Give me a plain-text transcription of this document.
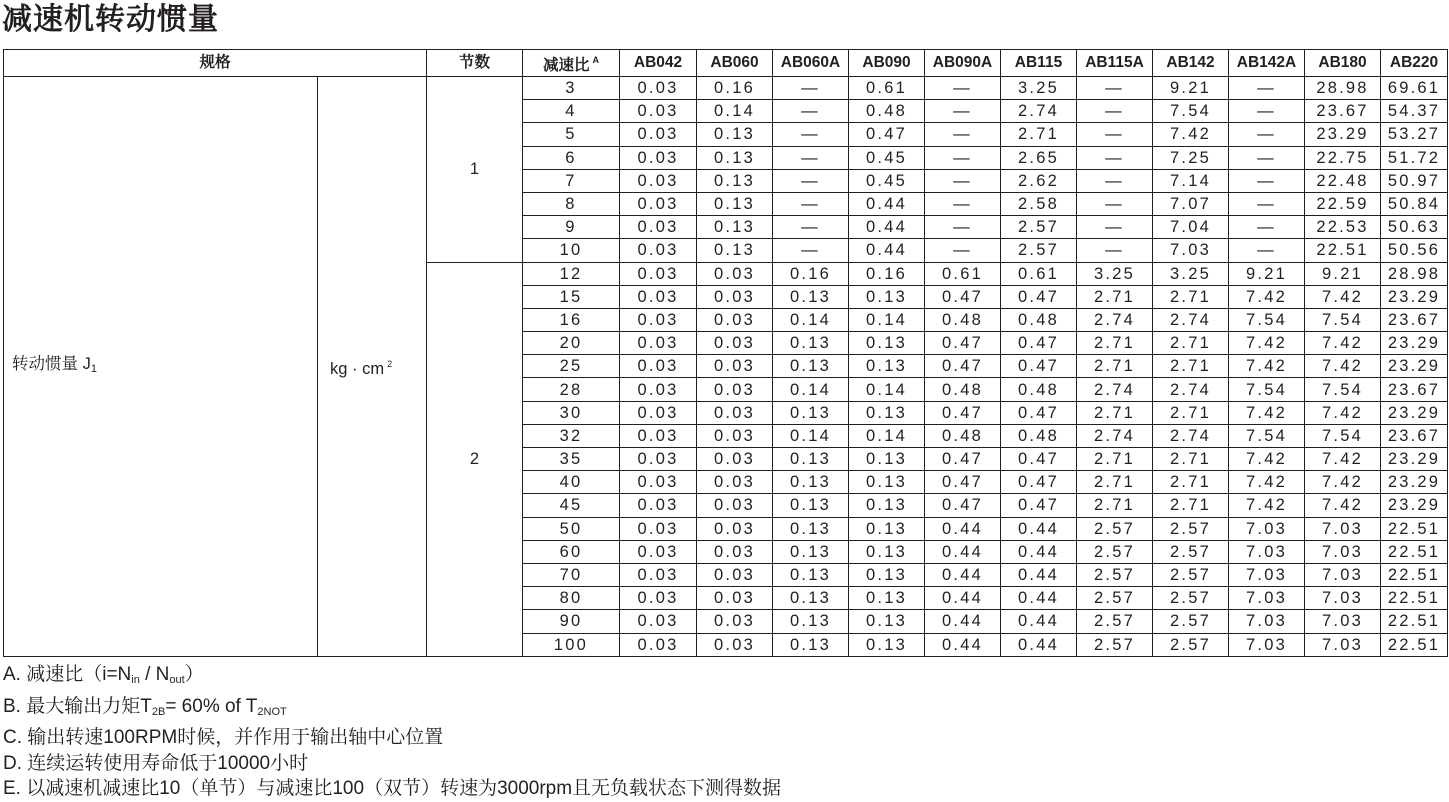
减速机转动惯量
规格		节数	减速比 $^A$	AB042	AB060	AB060A	AB090	AB090A	AB115	AB115A	AB142	AB142A	AB180	AB220
转动惯量 $J_1$	kg · cm $^2$	1	3	0.03	0.16	—	0.61	—	3.25	—	9.21	—	28.98	69.61
			4	0.03	0.14	—	0.48	—	2.74	—	7.54	—	23.67	54.37
			5	0.03	0.13	—	0.47	—	2.71	—	7.42	—	23.29	53.27
			6	0.03	0.13	—	0.45	—	2.65	—	7.25	—	22.75	51.72
			7	0.03	0.13	—	0.45	—	2.62	—	7.14	—	22.48	50.97
			8	0.03	0.13	—	0.44	—	2.58	—	7.07	—	22.59	50.84
			9	0.03	0.13	—	0.44	—	2.57	—	7.04	—	22.53	50.63
			10	0.03	0.13	—	0.44	—	2.57	—	7.03	—	22.51	50.56
		2	12	0.03	0.03	0.16	0.16	0.61	0.61	3.25	3.25	9.21	9.21	28.98
			15	0.03	0.03	0.13	0.13	0.47	0.47	2.71	2.71	7.42	7.42	23.29
			16	0.03	0.03	0.14	0.14	0.48	0.48	2.74	2.74	7.54	7.54	23.67
			20	0.03	0.03	0.13	0.13	0.47	0.47	2.71	2.71	7.42	7.42	23.29
			25	0.03	0.03	0.13	0.13	0.47	0.47	2.71	2.71	7.42	7.42	23.29
			28	0.03	0.03	0.14	0.14	0.48	0.48	2.74	2.74	7.54	7.54	23.67
			30	0.03	0.03	0.13	0.13	0.47	0.47	2.71	2.71	7.42	7.42	23.29
			32	0.03	0.03	0.14	0.14	0.48	0.48	2.74	2.74	7.54	7.54	23.67
			35	0.03	0.03	0.13	0.13	0.47	0.47	2.71	2.71	7.42	7.42	23.29
			40	0.03	0.03	0.13	0.13	0.47	0.47	2.71	2.71	7.42	7.42	23.29
			45	0.03	0.03	0.13	0.13	0.47	0.47	2.71	2.71	7.42	7.42	23.29
			50	0.03	0.03	0.13	0.13	0.44	0.44	2.57	2.57	7.03	7.03	22.51
			60	0.03	0.03	0.13	0.13	0.44	0.44	2.57	2.57	7.03	7.03	22.51
			70	0.03	0.03	0.13	0.13	0.44	0.44	2.57	2.57	7.03	7.03	22.51
			80	0.03	0.03	0.13	0.13	0.44	0.44	2.57	2.57	7.03	7.03	22.51
			90	0.03	0.03	0.13	0.13	0.44	0.44	2.57	2.57	7.03	7.03	22.51
			100	0.03	0.03	0.13	0.13	0.44	0.44	2.57	2.57	7.03	7.03	22.51
A. 减速比$(i=N_{in} / N_{out})$
B. 最大输出力矩$T_{2B}= 60\%$ of $T_{2NOT}$
C. 输出转速100RPM时候，并作用于输出轴中心位置
D. 连续运转使用寿命低于10000小时
E. 以减速机减速比10（单节）与减速比100（双节）转速为3000rpm且无负载状态下测得数据
